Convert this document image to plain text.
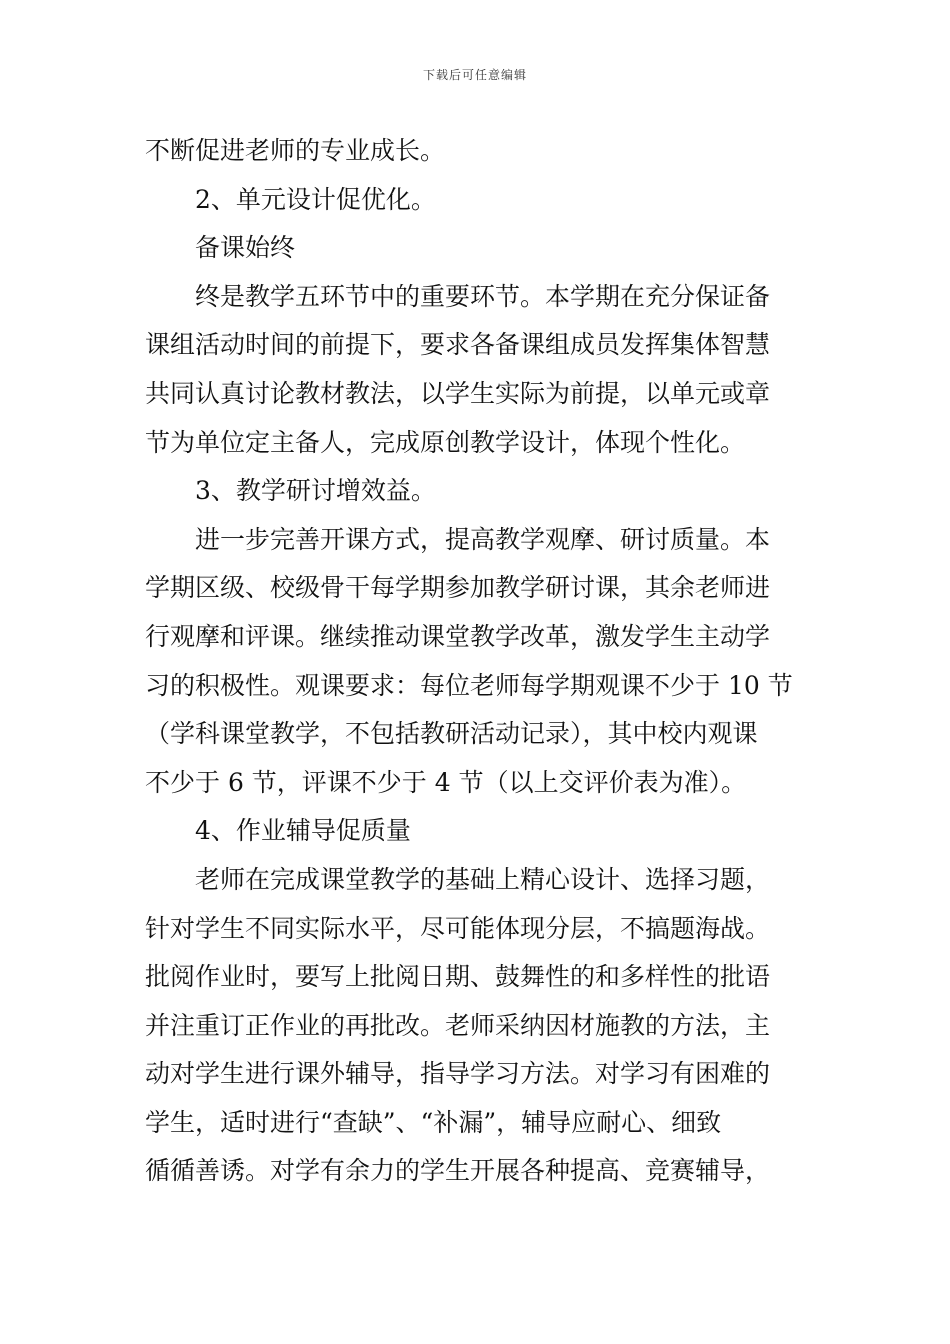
下载后可任意编辑
不断促进老师的专业成长。
2、单元设计促优化。
备课始终
终是教学五环节中的重要环节。本学期在充分保证备
课组活动时间的前提下，要求各备课组成员发挥集体智慧
共同认真讨论教材教法，以学生实际为前提，以单元或章
节为单位定主备人，完成原创教学设计，体现个性化。
3、教学研讨增效益。
进一步完善开课方式，提高教学观摩、研讨质量。本
学期区级、校级骨干每学期参加教学研讨课，其余老师进
行观摩和评课。继续推动课堂教学改革，激发学生主动学
习的积极性。观课要求：每位老师每学期观课不少于 10 节
（学科课堂教学，不包括教研活动记录），其中校内观课
不少于 6 节，评课不少于 4 节（以上交评价表为准）。
4、作业辅导促质量
老师在完成课堂教学的基础上精心设计、选择习题，
针对学生不同实际水平，尽可能体现分层，不搞题海战。
批阅作业时，要写上批阅日期、鼓舞性的和多样性的批语
并注重订正作业的再批改。老师采纳因材施教的方法，主
动对学生进行课外辅导，指导学习方法。对学习有困难的
学生，适时进行“查缺”、“补漏”，辅导应耐心、细致
循循善诱。对学有余力的学生开展各种提高、竞赛辅导，
